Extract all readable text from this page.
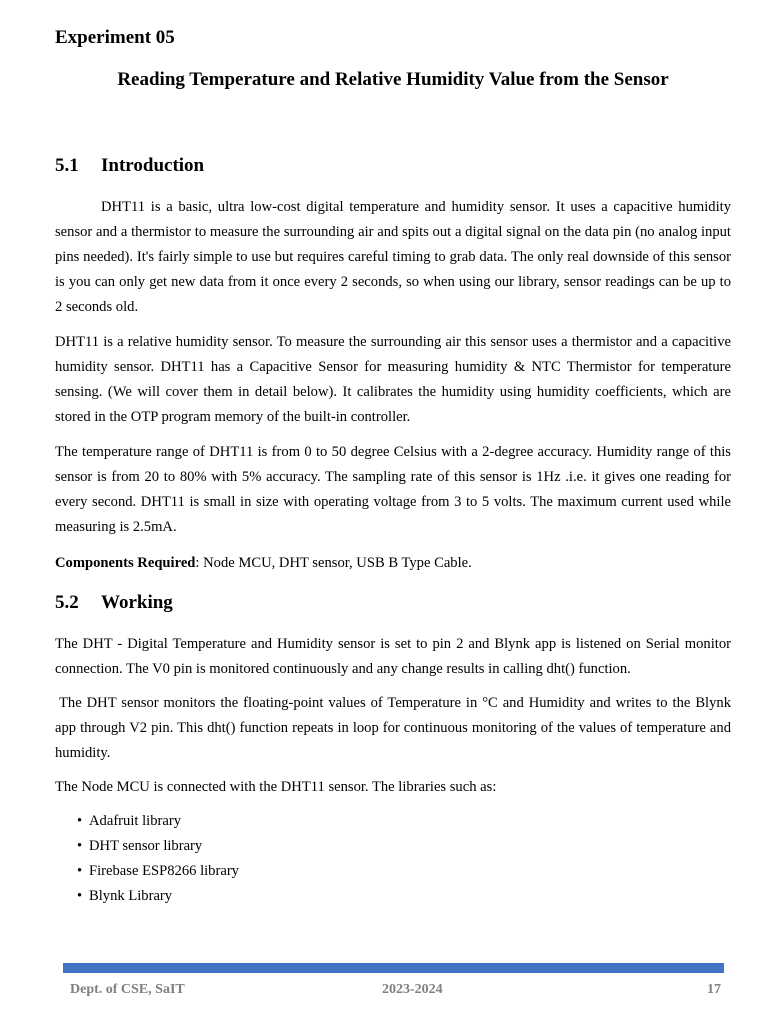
Experiment 05
Reading Temperature and Relative Humidity Value from the Sensor
5.1 Introduction

DHT11 is a basic, ultra low-cost digital temperature and humidity sensor. It uses a capacitive humidity sensor and a thermistor to measure the surrounding air and spits out a digital signal on the data pin (no analog input pins needed). It's fairly simple to use but requires careful timing to grab data. The only real downside of this sensor is you can only get new data from it once every 2 seconds, so when using our library, sensor readings can be up to 2 seconds old.

DHT11 is a relative humidity sensor. To measure the surrounding air this sensor uses a thermistor and a capacitive humidity sensor. DHT11 has a Capacitive Sensor for measuring humidity & NTC Thermistor for temperature sensing. (We will cover them in detail below). It calibrates the humidity using humidity coefficients, which are stored in the OTP program memory of the built-in controller.

The temperature range of DHT11 is from 0 to 50 degree Celsius with a 2-degree accuracy. Humidity range of this sensor is from 20 to 80% with 5% accuracy. The sampling rate of this sensor is 1Hz .i.e. it gives one reading for every second. DHT11 is small in size with operating voltage from 3 to 5 volts. The maximum current used while measuring is 2.5mA.

Components Required: Node MCU, DHT sensor, USB B Type Cable.

5.2 Working

The DHT - Digital Temperature and Humidity sensor is set to pin 2 and Blynk app is listened on Serial monitor connection. The V0 pin is monitored continuously and any change results in calling dht() function.

The DHT sensor monitors the floating-point values of Temperature in °C and Humidity and writes to the Blynk app through V2 pin. This dht() function repeats in loop for continuous monitoring of the values of temperature and humidity.

The Node MCU is connected with the DHT11 sensor. The libraries such as:

• Adafruit library
• DHT sensor library
• Firebase ESP8266 library
• Blynk Library
Dept. of CSE, SaIT	2023-2024	17
